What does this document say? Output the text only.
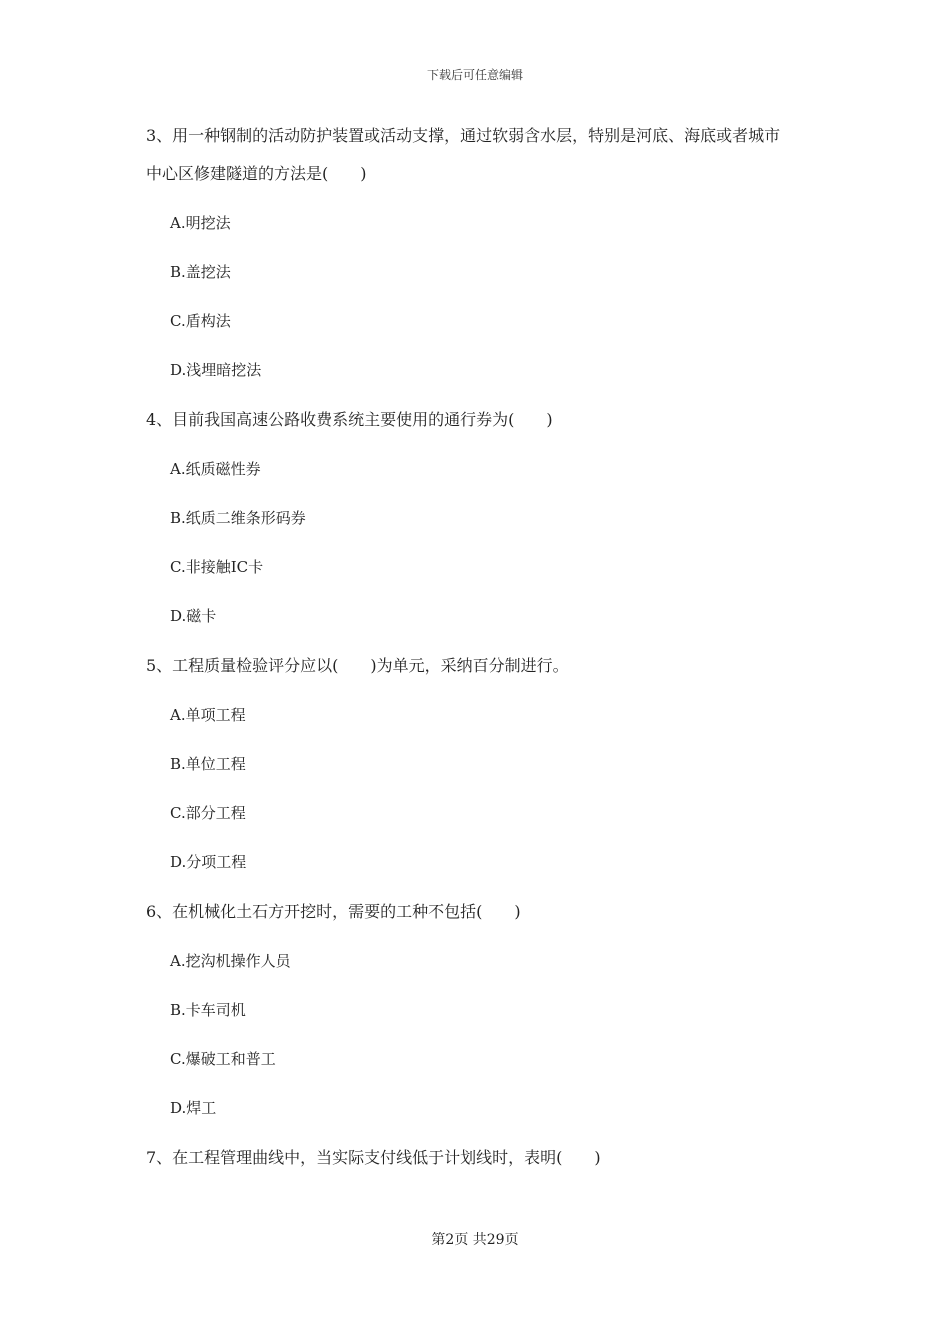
下载后可任意编辑
3、用一种钢制的活动防护装置或活动支撑，通过软弱含水层，特别是河底、海底或者城市
中心区修建隧道的方法是(　　)
A.明挖法
B.盖挖法
C.盾构法
D.浅埋暗挖法
4、目前我国高速公路收费系统主要使用的通行券为(　　)
A.纸质磁性券
B.纸质二维条形码券
C.非接触IC卡
D.磁卡
5、工程质量检验评分应以(　　)为单元，采纳百分制进行。
A.单项工程
B.单位工程
C.部分工程
D.分项工程
6、在机械化土石方开挖时，需要的工种不包括(　　)
A.挖沟机操作人员
B.卡车司机
C.爆破工和普工
D.焊工
7、在工程管理曲线中，当实际支付线低于计划线时，表明(　　)
第2页 共29页
